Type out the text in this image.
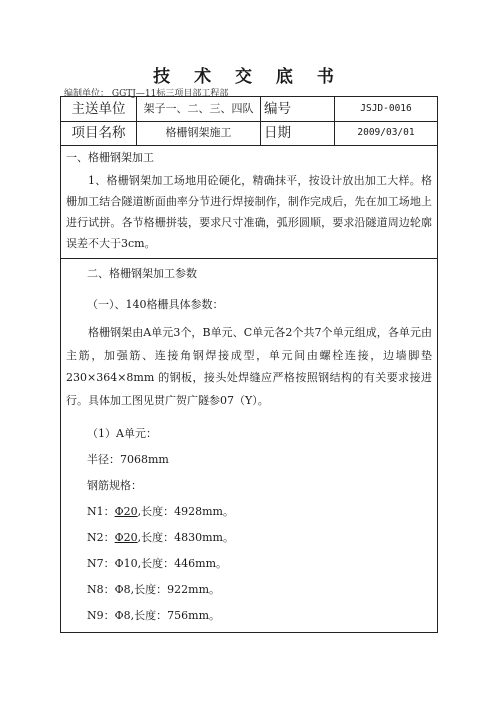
技 术 交 底 书
编制单位： GGTJ—11标三项目部工程部
主送单位	架子一、二、三、四队 编号	JSJD-0016
项目名称	格栅钢架施工	日期	2009/03/01
一、格栅钢架加工
1、格栅钢架加工场地用砼硬化，精确抹平，按设计放出加工大样。格栅加工结合隧道断面曲率分节进行焊接制作，制作完成后，先在加工场地上进行试拼。各节格栅拼装，要求尺寸准确，弧形圆顺，要求沿隧道周边轮廓误差不大于3cm。
二、格栅钢架加工参数
（一）、140格栅具体参数：
格栅钢架由A单元3个，B单元、C单元各2个共7个单元组成，各单元由主筋，加强筋、连接角钢焊接成型，单元间由螺栓连接，边墙脚垫 230×364×8mm 的钢板，接头处焊缝应严格按照钢结构的有关要求接进行。具体加工图见贯广贺广隧参07（Y）。
（1）A单元：
半径：7068mm
钢筋规格：
N1：Φ20,长度：4928mm。
N2：Φ20,长度：4830mm。
N7：Φ10,长度：446mm。
N8：Φ8,长度：922mm。
N9：Φ8,长度：756mm。
